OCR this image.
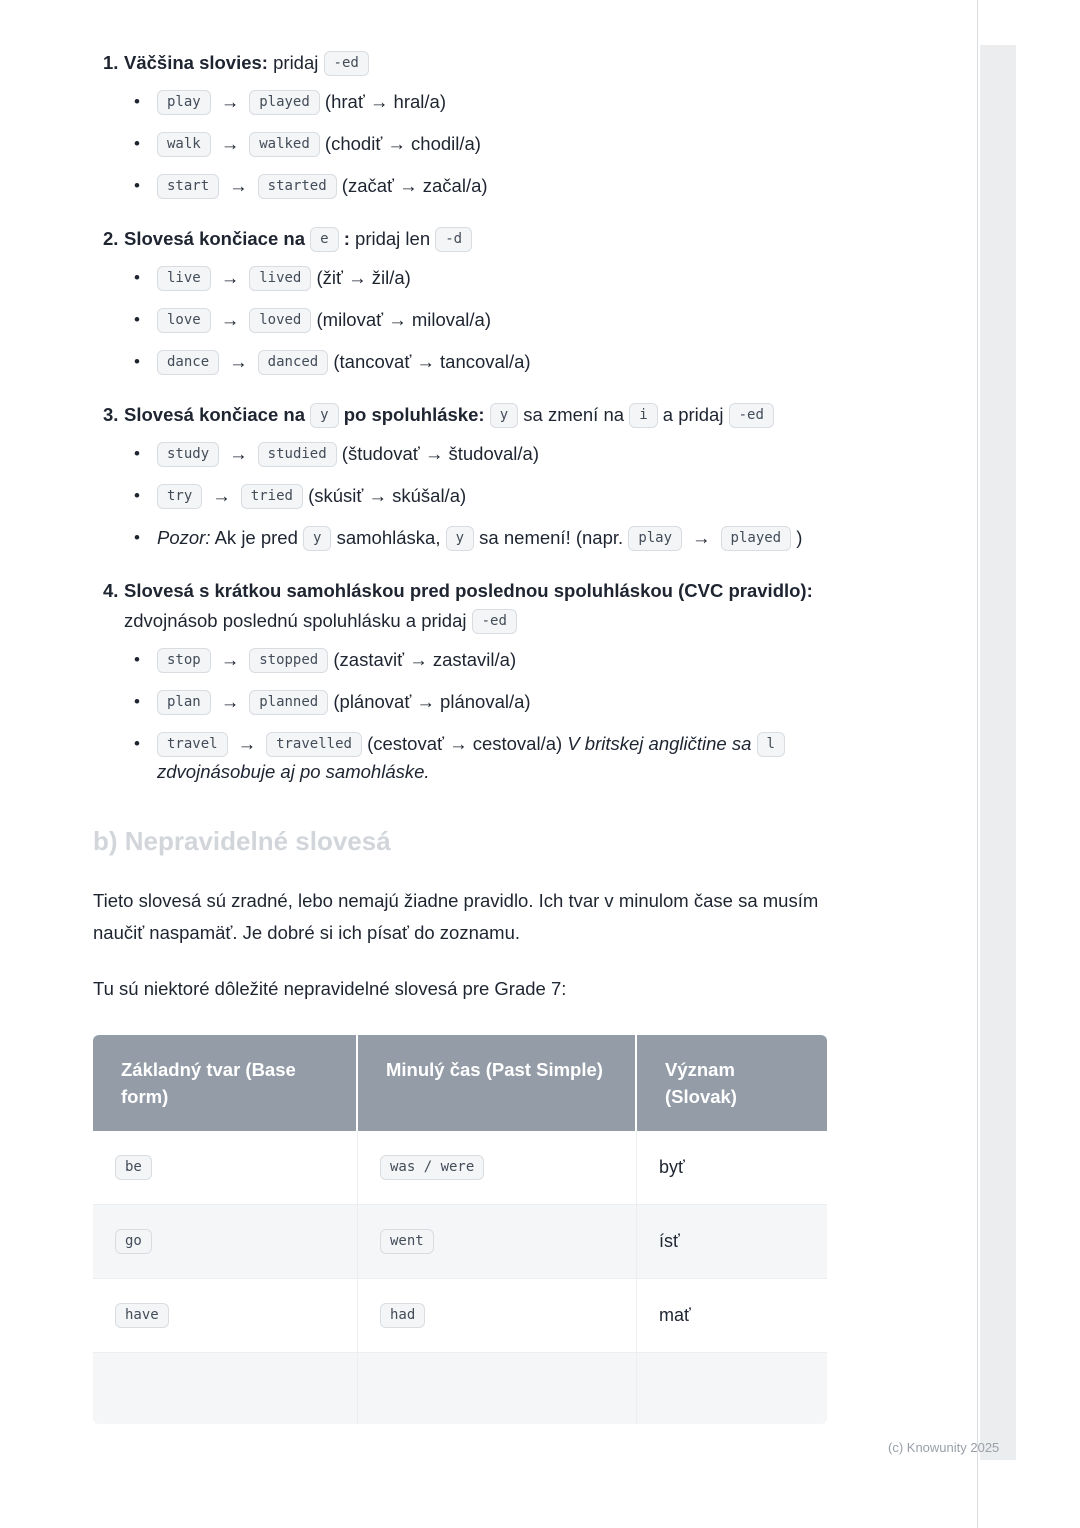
1. Väčšina slovies: pridaj -ed
•	play → played (hrať → hral/a)
•	walk → walked (chodiť → chodil/a)
•	start → started (začať → začal/a)
2. Slovesá končiace na e : pridaj len -d
•	live → lived (žiť → žil/a)
•	love → loved (milovať → miloval/a)
•	dance → danced (tancovať → tancoval/a)
3. Slovesá končiace na y po spoluhláske: y sa zmení na i a pridaj -ed
•	study → studied (študovať → študoval/a)
•	try → tried (skúsiť → skúšal/a)
• Pozor: Ak je pred y samohláska, y sa nemení! (napr. play → played )
4. Slovesá s krátkou samohláskou pred poslednou spoluhláskou (CVC pravidlo): zdvojnásob poslednú spoluhlásku a pridaj -ed
•	stop → stopped (zastaviť → zastavil/a)
•	plan → planned (plánovať → plánoval/a)
•	travel → travelled (cestovať → cestoval/a) V britskej angličtine sa l zdvojnásobuje aj po samohláske.
b) Nepravidelné slovesá

Tieto slovesá sú zradné, lebo nemajú žiadne pravidlo. Ich tvar v minulom čase sa musím naučiť naspamäť. Je dobré si ich písať do zoznamu.

Tu sú niektoré dôležité nepravidelné slovesá pre Grade 7:

Základný tvar (Base form)	Minulý čas (Past Simple)	Význam (Slovak)
be	was / were	byť
go	went	ísť
have	had	mať

(c) Knowunity 2025
